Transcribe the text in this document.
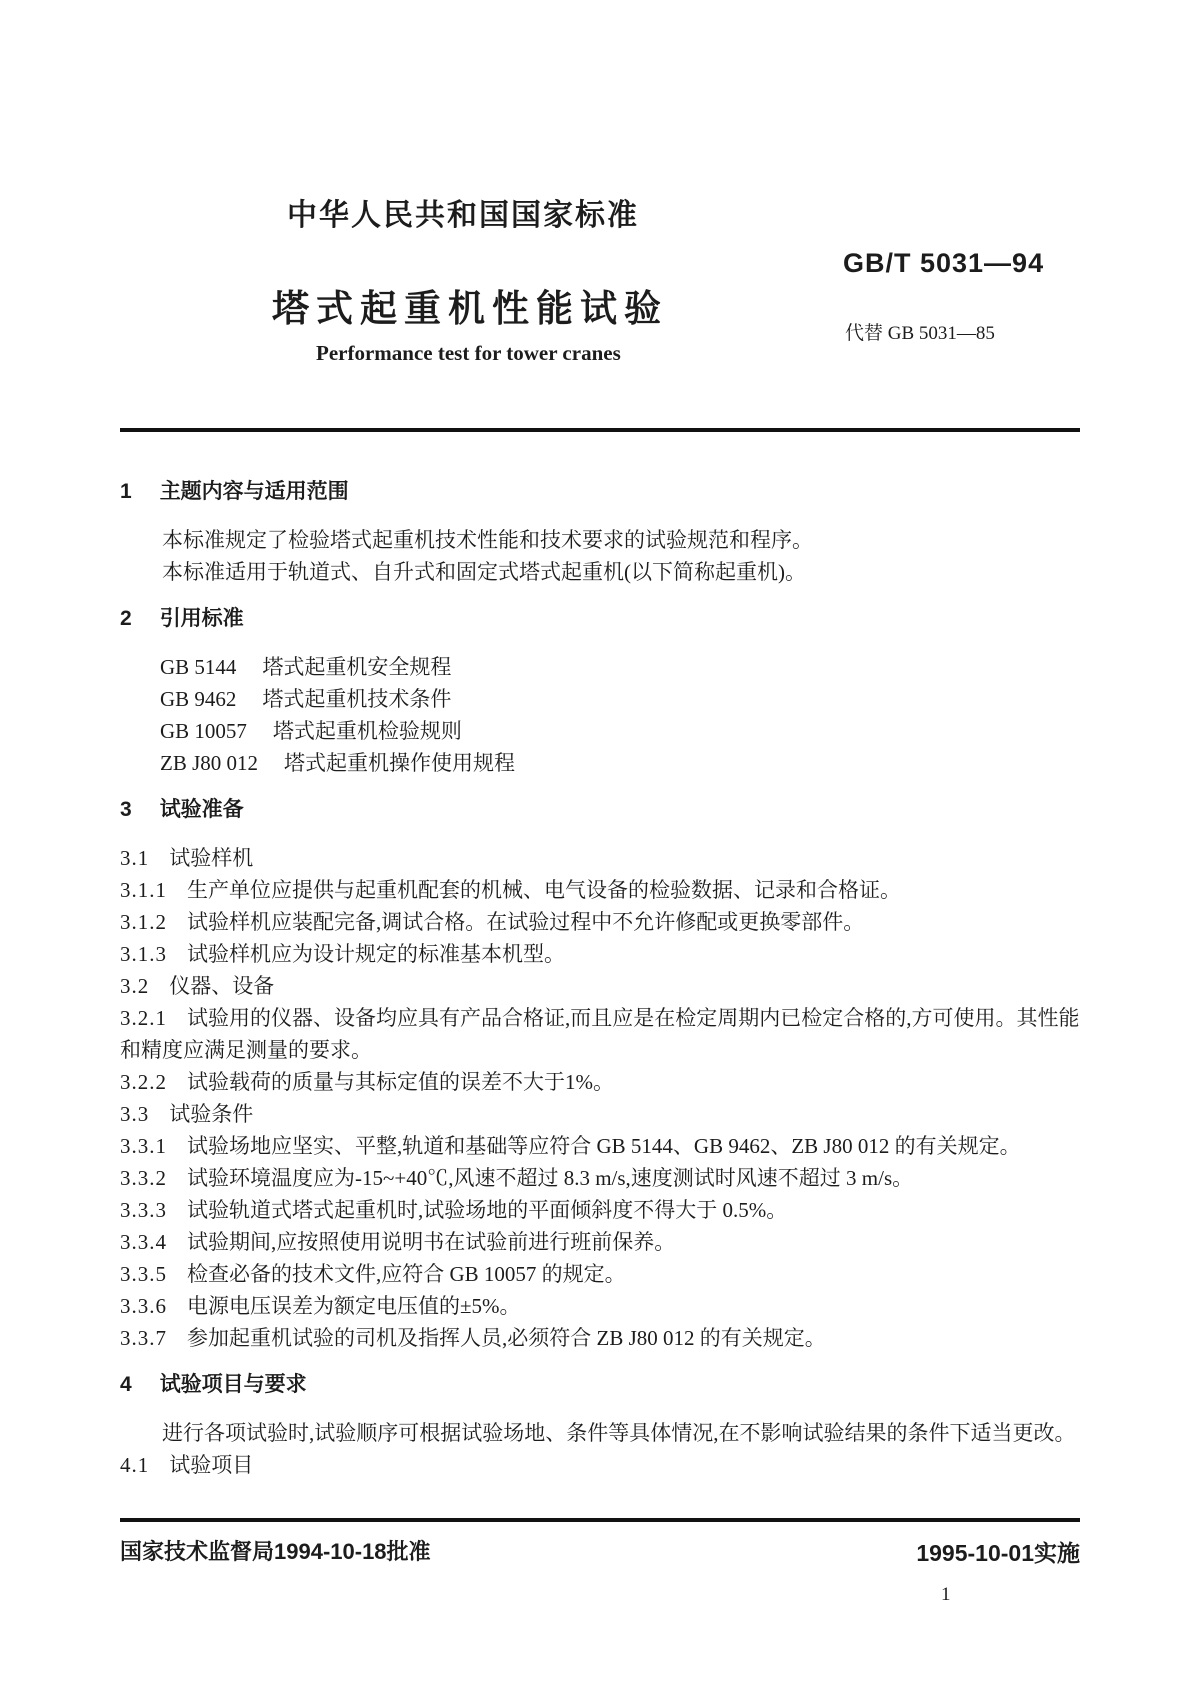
中华人民共和国国家标准
GB/T 5031—94
塔式起重机性能试验
代替 GB 5031—85
Performance test for tower cranes

1 主题内容与适用范围

本标准规定了检验塔式起重机技术性能和技术要求的试验规范和程序。

本标准适用于轨道式、自升式和固定式塔式起重机(以下简称起重机)。

2 引用标准

GB 5144 塔式起重机安全规程

GB 9462 塔式起重机技术条件

GB 10057 塔式起重机检验规则

ZB J80 012 塔式起重机操作使用规程

3 试验准备

3.1 试验样机

3.1.1 生产单位应提供与起重机配套的机械、电气设备的检验数据、记录和合格证。

3.1.2 试验样机应装配完备,调试合格。在试验过程中不允许修配或更换零部件。

3.1.3 试验样机应为设计规定的标准基本机型。

3.2 仪器、设备

3.2.1 试验用的仪器、设备均应具有产品合格证,而且应是在检定周期内已检定合格的,方可使用。其性能和精度应满足测量的要求。

3.2.2 试验载荷的质量与其标定值的误差不大于1%。

3.3 试验条件

3.3.1 试验场地应坚实、平整,轨道和基础等应符合 GB 5144、GB 9462、ZB J80 012 的有关规定。

3.3.2 试验环境温度应为-15~+40℃,风速不超过 8.3 m/s,速度测试时风速不超过 3 m/s。

3.3.3 试验轨道式塔式起重机时,试验场地的平面倾斜度不得大于 0.5%。

3.3.4 试验期间,应按照使用说明书在试验前进行班前保养。

3.3.5 检查必备的技术文件,应符合 GB 10057 的规定。

3.3.6 电源电压误差为额定电压值的±5%。

3.3.7 参加起重机试验的司机及指挥人员,必须符合 ZB J80 012 的有关规定。

4 试验项目与要求

进行各项试验时,试验顺序可根据试验场地、条件等具体情况,在不影响试验结果的条件下适当更改。

4.1 试验项目

国家技术监督局1994-10-18批准	1995-10-01实施
1
